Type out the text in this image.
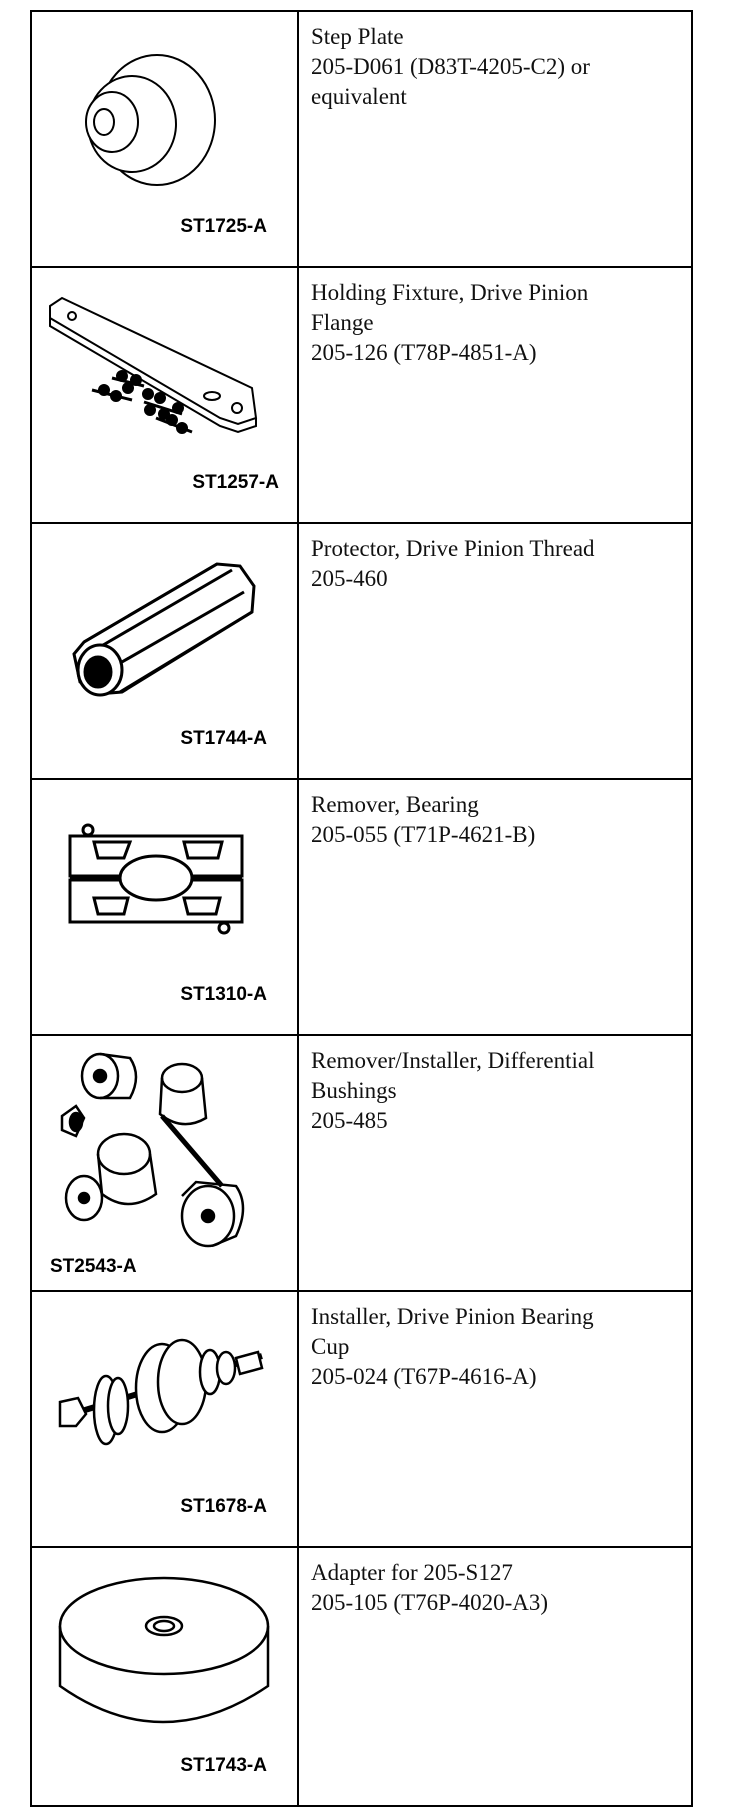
ST1725-A	Step Plate
205-D061 (D83T-4205-C2) or
equivalent

ST1257-A	Holding Fixture, Drive Pinion
Flange
205-126 (T78P-4851-A)

ST1744-A	Protector, Drive Pinion Thread
205-460

ST1310-A	Remover, Bearing
205-055 (T71P-4621-B)

ST2543-A	Remover/Installer, Differential
Bushings
205-485

ST1678-A	Installer, Drive Pinion Bearing
Cup
205-024 (T67P-4616-A)

ST1743-A	Adapter for 205-S127
205-105 (T76P-4020-A3)
